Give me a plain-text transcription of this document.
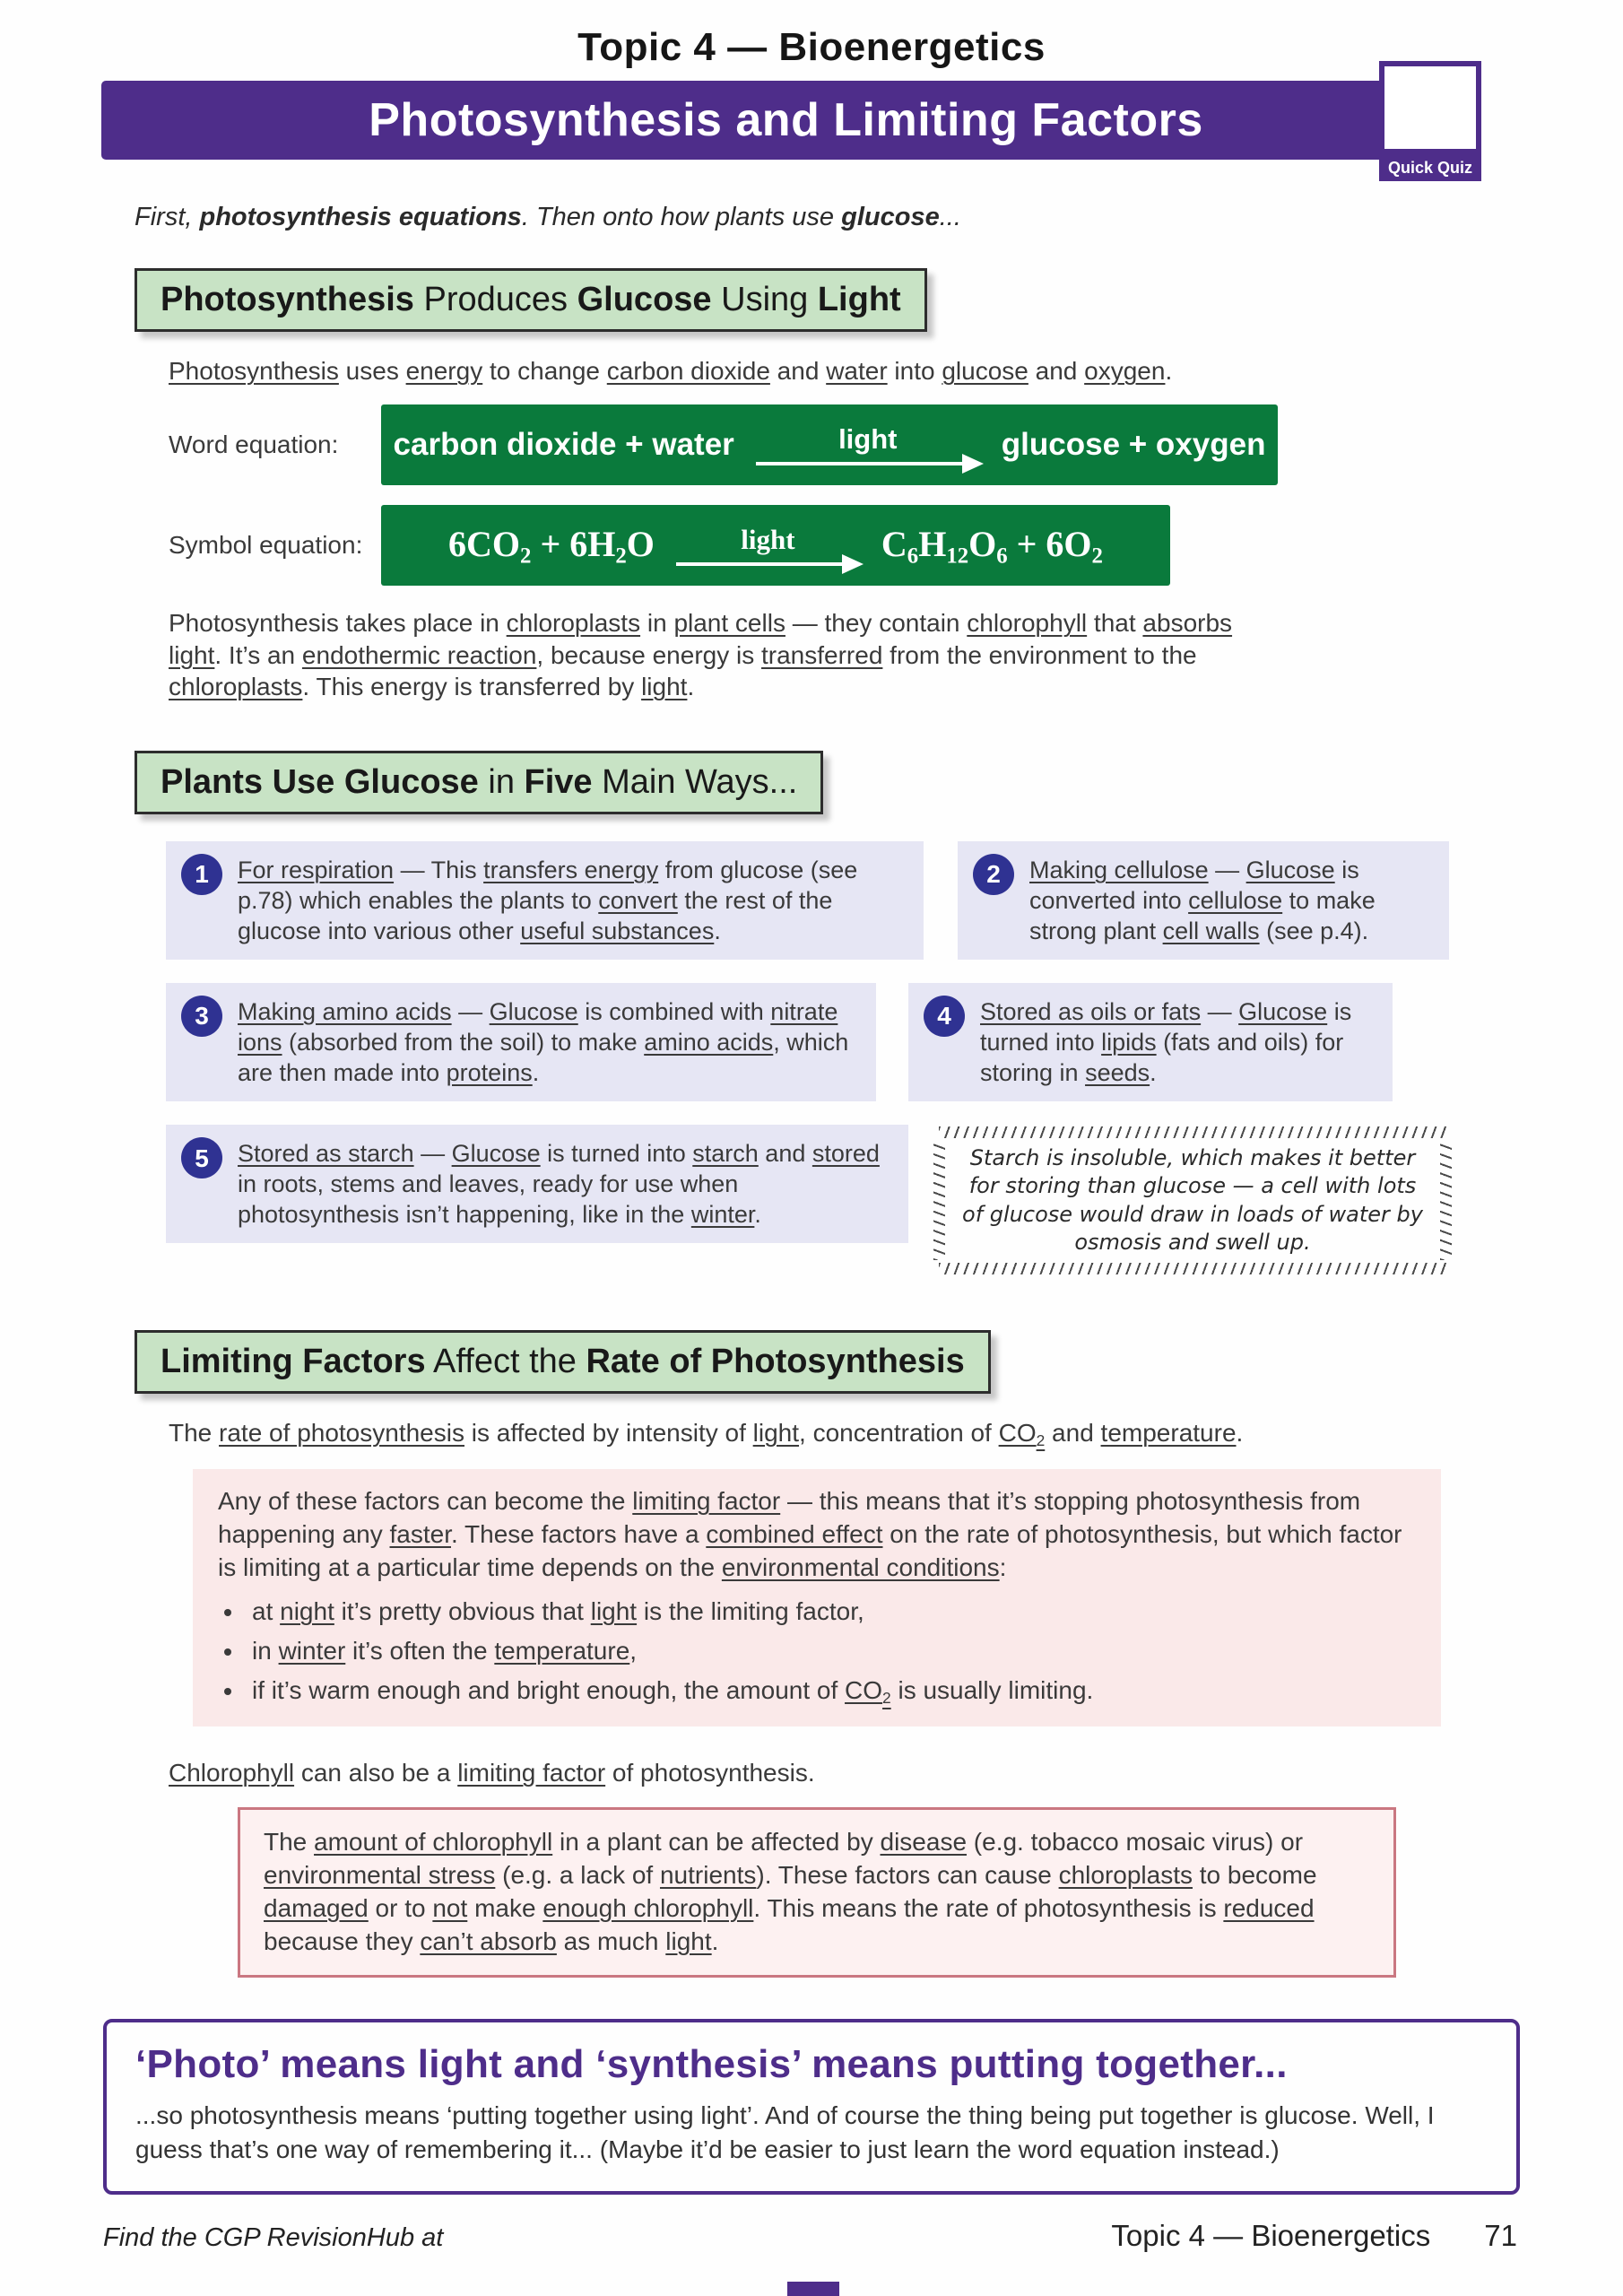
Topic 4 — Bioenergetics
Photosynthesis and Limiting Factors
Quick Quiz
First, photosynthesis equations. Then onto how plants use glucose...
Photosynthesis Produces Glucose Using Light

Photosynthesis uses energy to change carbon dioxide and water into glucose and oxygen.

Word equation:	carbon dioxide + water	light	glucose + oxygen
Symbol equation:	$6CO_2 + 6H_2O$	light $C_6H_{12}O_6 + 6O_2$

Photosynthesis takes place in chloroplasts in plant cells — they contain chlorophyll that absorbs light. It’s an endothermic reaction, because energy is transferred from the environment to the chloroplasts. This energy is transferred by light.

Plants Use Glucose in Five Main Ways...
1	For respiration — This transfers energy from glucose (see p.78) which enables the plants to convert the rest of the glucose into various other useful substances.
2	Making cellulose — Glucose is converted into cellulose to make strong plant cell walls (see p.4).
3	Making amino acids — Glucose is combined with nitrate ions (absorbed from the soil) to make amino acids, which are then made into proteins.
4	Stored as oils or fats — Glucose is turned into lipids (fats and oils) for storing in seeds.
5	Stored as starch — Glucose is turned into starch and stored in roots, stems and leaves, ready for use when photosynthesis isn’t happening, like in the winter.
Starch is insoluble, which makes it better for storing than glucose — a cell with lots of glucose would draw in loads of water by osmosis and swell up.
Limiting Factors Affect the Rate of Photosynthesis

The rate of photosynthesis is affected by intensity of light, concentration of $CO_2$ and temperature.

Any of these factors can become the limiting factor — this means that it’s stopping photosynthesis from happening any faster. These factors have a combined effect on the rate of photosynthesis, but which factor is limiting at a particular time depends on the environmental conditions:

• at night it’s pretty obvious that light is the limiting factor,
• in winter it’s often the temperature,
• if it’s warm enough and bright enough, the amount of $CO_2$ is usually limiting.

Chlorophyll can also be a limiting factor of photosynthesis.

The amount of chlorophyll in a plant can be affected by disease (e.g. tobacco mosaic virus) or environmental stress (e.g. a lack of nutrients). These factors can cause chloroplasts to become damaged or to not make enough chlorophyll. This means the rate of photosynthesis is reduced because they can’t absorb as much light.
‘Photo’ means light and ‘synthesis’ means putting together...
...so photosynthesis means ‘putting together using light’. And of course the thing being put together is glucose. Well, I guess that’s one way of remembering it... (Maybe it’d be easier to just learn the word equation instead.)
Find the CGP RevisionHub at	Topic 4 — Bioenergetics 71
